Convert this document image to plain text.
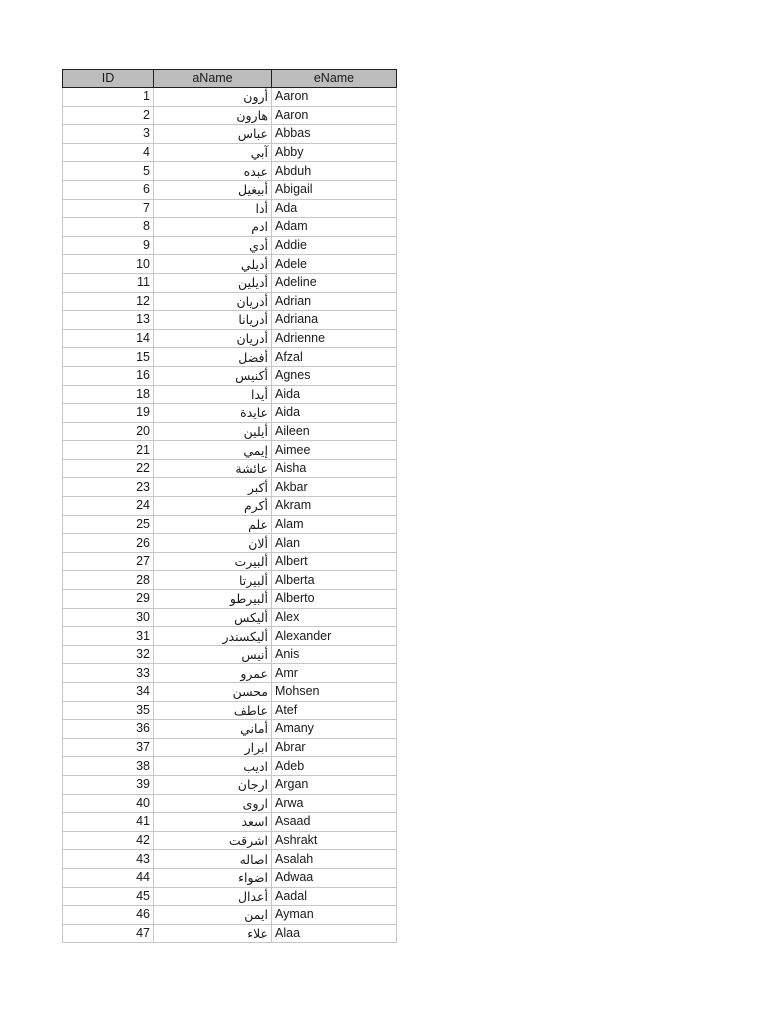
ID	aName	eName
1	أرون	Aaron
2	هارون	Aaron
3	عباس	Abbas
4	آبي	Abby
5	عبده	Abduh
6	أبيغيل	Abigail
7	أدا	Ada
8	ادم	Adam
9	أدي	Addie
10	أديلي	Adele
11	أديلين	Adeline
12	أدريان	Adrian
13	أدريانا	Adriana
14	أدريان	Adrienne
15	أفضل	Afzal
16	أكنيس	Agnes
18	أيدا	Aida
19	عايدة	Aida
20	أيلين	Aileen
21	إيمي	Aimee
22	عائشة	Aisha
23	أكبر	Akbar
24	أكرم	Akram
25	علم	Alam
26	ألان	Alan
27	ألبيرت	Albert
28	ألبيرتا	Alberta
29	ألبيرطو	Alberto
30	أليكس	Alex
31	أليكسندر	Alexander
32	أنيس	Anis
33	عمرو	Amr
34	محسن	Mohsen
35	عاطف	Atef
36	أماني	Amany
37	ابرار	Abrar
38	اديب	Adeb
39	ارجان	Argan
40	اروى	Arwa
41	اسعد	Asaad
42	اشرقت	Ashrakt
43	اصاله	Asalah
44	اضواء	Adwaa
45	أعدال	Aadal
46	ايمن	Ayman
47	علاء	Alaa
